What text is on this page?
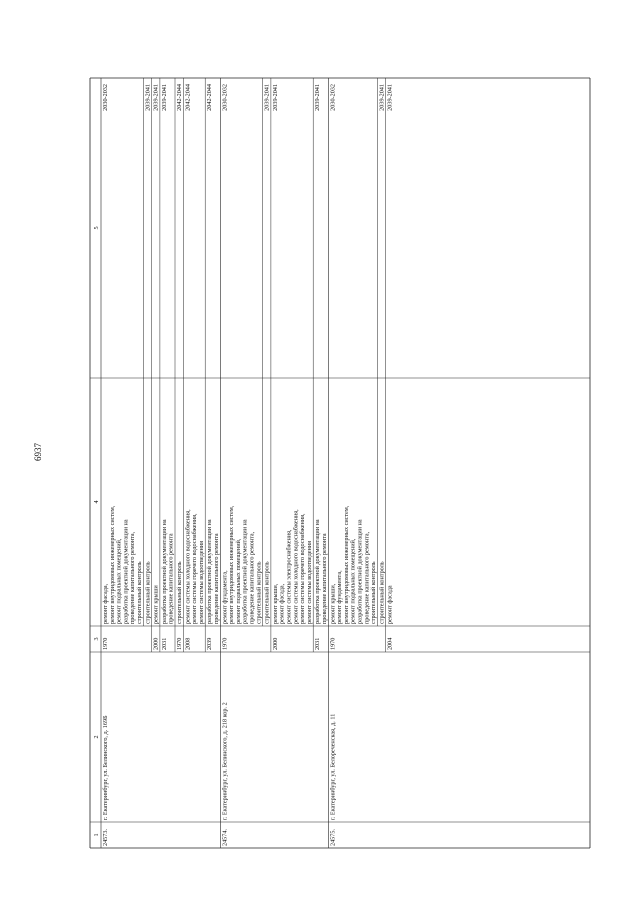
6937
1
2
3
4
5
ремонт фасада, ремонт внутридомовых инженерных систем, ремонт подвальных помещений, разработка проектной документации на проведение капитального ремонта, строительный контроль
2030-2032
строительный контроль
2039-2041
1970
ремонт крыши
2039-2041
2000
разработка проектной документации на проведение капитального ремонта
2039-2041
2031
строительный контроль
2042-2044
1970
ремонт системы холодного водоснабжения, ремонт системы горячего водоснабжения, ремонт системы водоотведения
2042-2044
2008
разработка проектной документации на проведение капитального ремонта
2042-2044
2039
24573.
г. Екатеринбург, ул. Белинского, д. 169Б
ремонт фундамента, ремонт внутридомовых инженерных систем, ремонт подвальных помещений, разработка проектной документации на проведение капитального ремонта, строительный контроль
2030-2032
строительный контроль
2039-2041
1970
ремонт крыши, ремонт фасада, ремонт системы электроснабжения, ремонт системы холодного водоснабжения, ремонт системы горячего водоснабжения, ремонт системы водоотведения
2039-2041
2000
разработка проектной документации на проведение капитального ремонта
2039-2041
2031
24574.
г. Екатеринбург, ул. Белинского, д. 218 кор. 2
ремонт крыши, ремонт фундамента, ремонт внутридомовых инженерных систем, ремонт подвальных помещений, разработка проектной документации на проведение капитального ремонта, строительный контроль
2030-2032
строительный контроль
2039-2041
1970
ремонт фасада
2039-2041
2004
24575.
г. Екатеринбург, ул. Белореченская, д. 11
